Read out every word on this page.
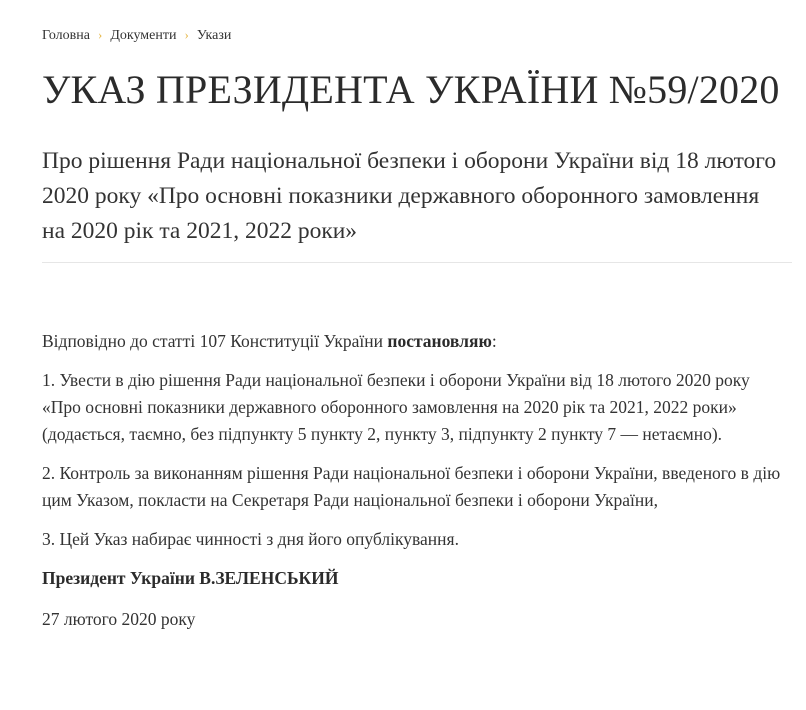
Головна › Документи › Укази
УКАЗ ПРЕЗИДЕНТА УКРАЇНИ №59/2020
Про рішення Ради національної безпеки і оборони України від 18 лютого 2020 року «Про основні показники державного оборонного замовлення на 2020 рік та 2021, 2022 роки»

Відповідно до статті 107 Конституції України постановляю:

1. Увести в дію рішення Ради національної безпеки і оборони України від 18 лютого 2020 року «Про основні показники державного оборонного замовлення на 2020 рік та 2021, 2022 роки» (додається, таємно, без підпункту 5 пункту 2, пункту 3, підпункту 2 пункту 7 — нетаємно).

2. Контроль за виконанням рішення Ради національної безпеки і оборони України, введеного в дію цим Указом, покласти на Секретаря Ради національної безпеки і оборони України,

3. Цей Указ набирає чинності з дня його опублікування.

Президент України В.ЗЕЛЕНСЬКИЙ

27 лютого 2020 року
